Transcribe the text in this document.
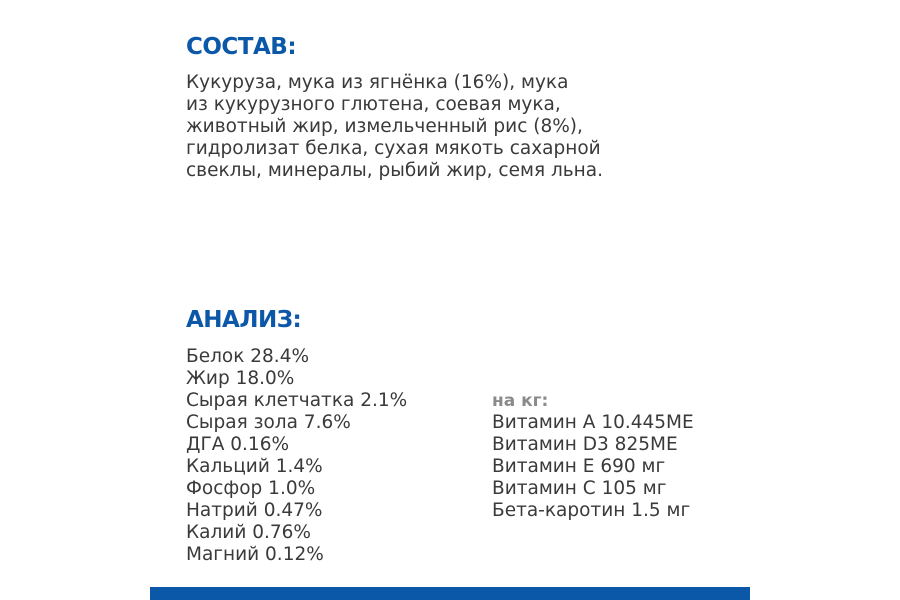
СОСТАВ:

Кукуруза, мука из ягнёнка (16%), мука
из кукурузного глютена, соевая мука,
животный жир, измельченный рис (8%),
гидролизат белка, сухая мякоть сахарной
свеклы, минералы, рыбий жир, семя льна.

АНАЛИЗ:
Белок 28.4%
Жир 18.0%
Сырая клетчатка 2.1%
Сырая зола 7.6%
ДГА 0.16%
Кальций 1.4%
Фосфор 1.0%
Натрий 0.47%
Калий 0.76%
Магний 0.12%
на кг:
Витамин А 10.445МЕ
Витамин D3 825МЕ
Витамин Е 690 мг
Витамин С 105 мг
Бета-каротин 1.5 мг
